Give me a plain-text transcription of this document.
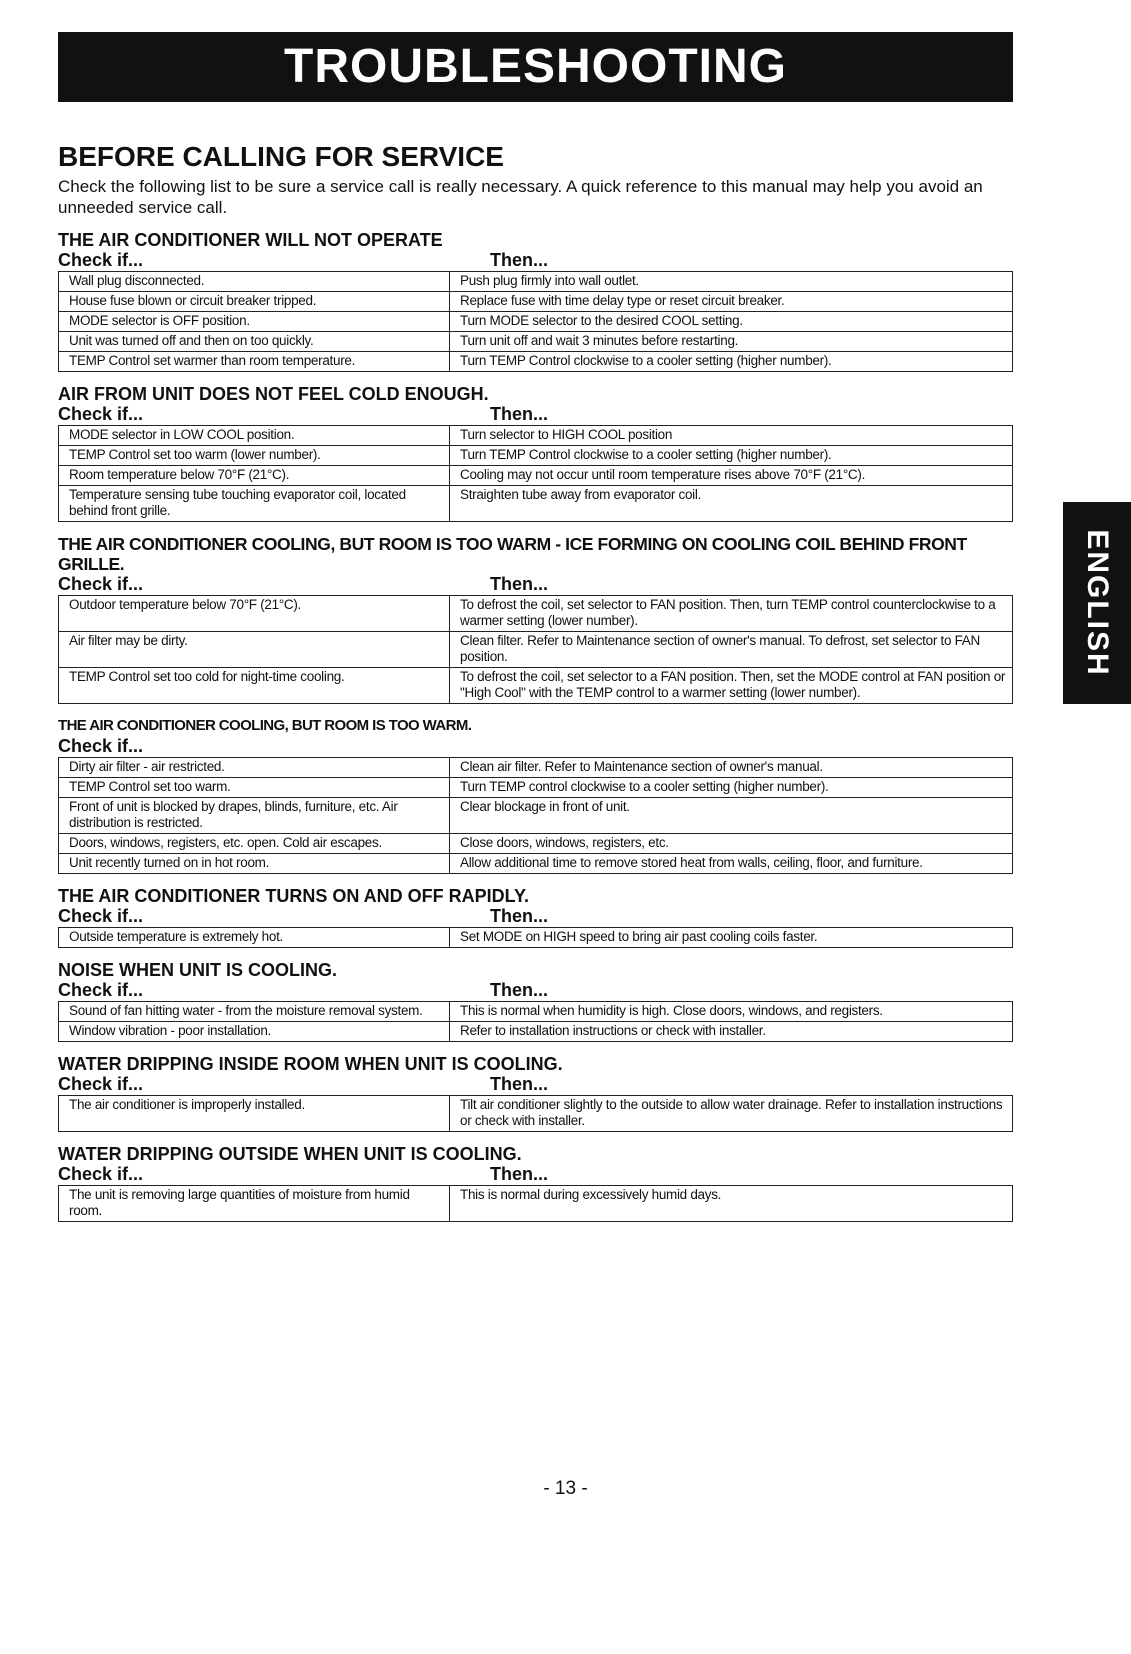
TROUBLESHOOTING
ENGLISH
BEFORE CALLING FOR SERVICE

Check the following list to be sure a service call is really necessary. A quick reference to this manual may help you avoid an unneeded service call.

THE AIR CONDITIONER WILL NOT OPERATE
Check if...	Then...
Wall plug disconnected.	Push plug firmly into wall outlet.
House fuse blown or circuit breaker tripped.	Replace fuse with time delay type or reset circuit breaker.
MODE selector is OFF position.	Turn MODE selector to the desired COOL setting.
Unit was turned off and then on too quickly.	Turn unit off and wait 3 minutes before restarting.
TEMP Control set warmer than room temperature.	Turn TEMP Control clockwise to a cooler setting (higher number).
AIR FROM UNIT DOES NOT FEEL COLD ENOUGH.
Check if...	Then...
MODE selector in LOW COOL position.	Turn selector to HIGH COOL position
TEMP Control set too warm (lower number).	Turn TEMP Control clockwise to a cooler setting (higher number).
Room temperature below 70°F (21°C).	Cooling may not occur until room temperature rises above 70°F (21°C).
Temperature sensing tube touching evaporator coil, located behind front grille.	Straighten tube away from evaporator coil.
THE AIR CONDITIONER COOLING, BUT ROOM IS TOO WARM - ICE FORMING ON COOLING COIL BEHIND FRONT GRILLE.
Check if...	Then...
Outdoor temperature below 70°F (21°C).	To defrost the coil, set selector to FAN position. Then, turn TEMP control counterclockwise to a warmer setting (lower number).
Air filter may be dirty.	Clean filter. Refer to Maintenance section of owner's manual. To defrost, set selector to FAN position.
TEMP Control set too cold for night-time cooling.	To defrost the coil, set selector to a FAN position. Then, set the MODE control at FAN position or "High Cool" with the TEMP control to a warmer setting (lower number).
THE AIR CONDITIONER COOLING, BUT ROOM IS TOO WARM.
Check if...
Dirty air filter - air restricted.	Clean air filter. Refer to Maintenance section of owner's manual.
TEMP Control set too warm.	Turn TEMP control clockwise to a cooler setting (higher number).
Front of unit is blocked by drapes, blinds, furniture, etc. Air distribution is restricted.	Clear blockage in front of unit.
Doors, windows, registers, etc. open. Cold air escapes.	Close doors, windows, registers, etc.
Unit recently turned on in hot room.	Allow additional time to remove stored heat from walls, ceiling, floor, and furniture.
THE AIR CONDITIONER TURNS ON AND OFF RAPIDLY.
Check if...	Then...
Outside temperature is extremely hot.	Set MODE on HIGH speed to bring air past cooling coils faster.
NOISE WHEN UNIT IS COOLING.
Check if...	Then...
Sound of fan hitting water - from the moisture removal system.	This is normal when humidity is high. Close doors, windows, and registers.
Window vibration - poor installation.	Refer to installation instructions or check with installer.
WATER DRIPPING INSIDE ROOM WHEN UNIT IS COOLING.
Check if...	Then...
The air conditioner is improperly installed.	Tilt air conditioner slightly to the outside to allow water drainage. Refer to installation instructions or check with installer.
WATER DRIPPING OUTSIDE WHEN UNIT IS COOLING.
Check if...	Then...
The unit is removing large quantities of moisture from humid room.	This is normal during excessively humid days.
- 13 -
